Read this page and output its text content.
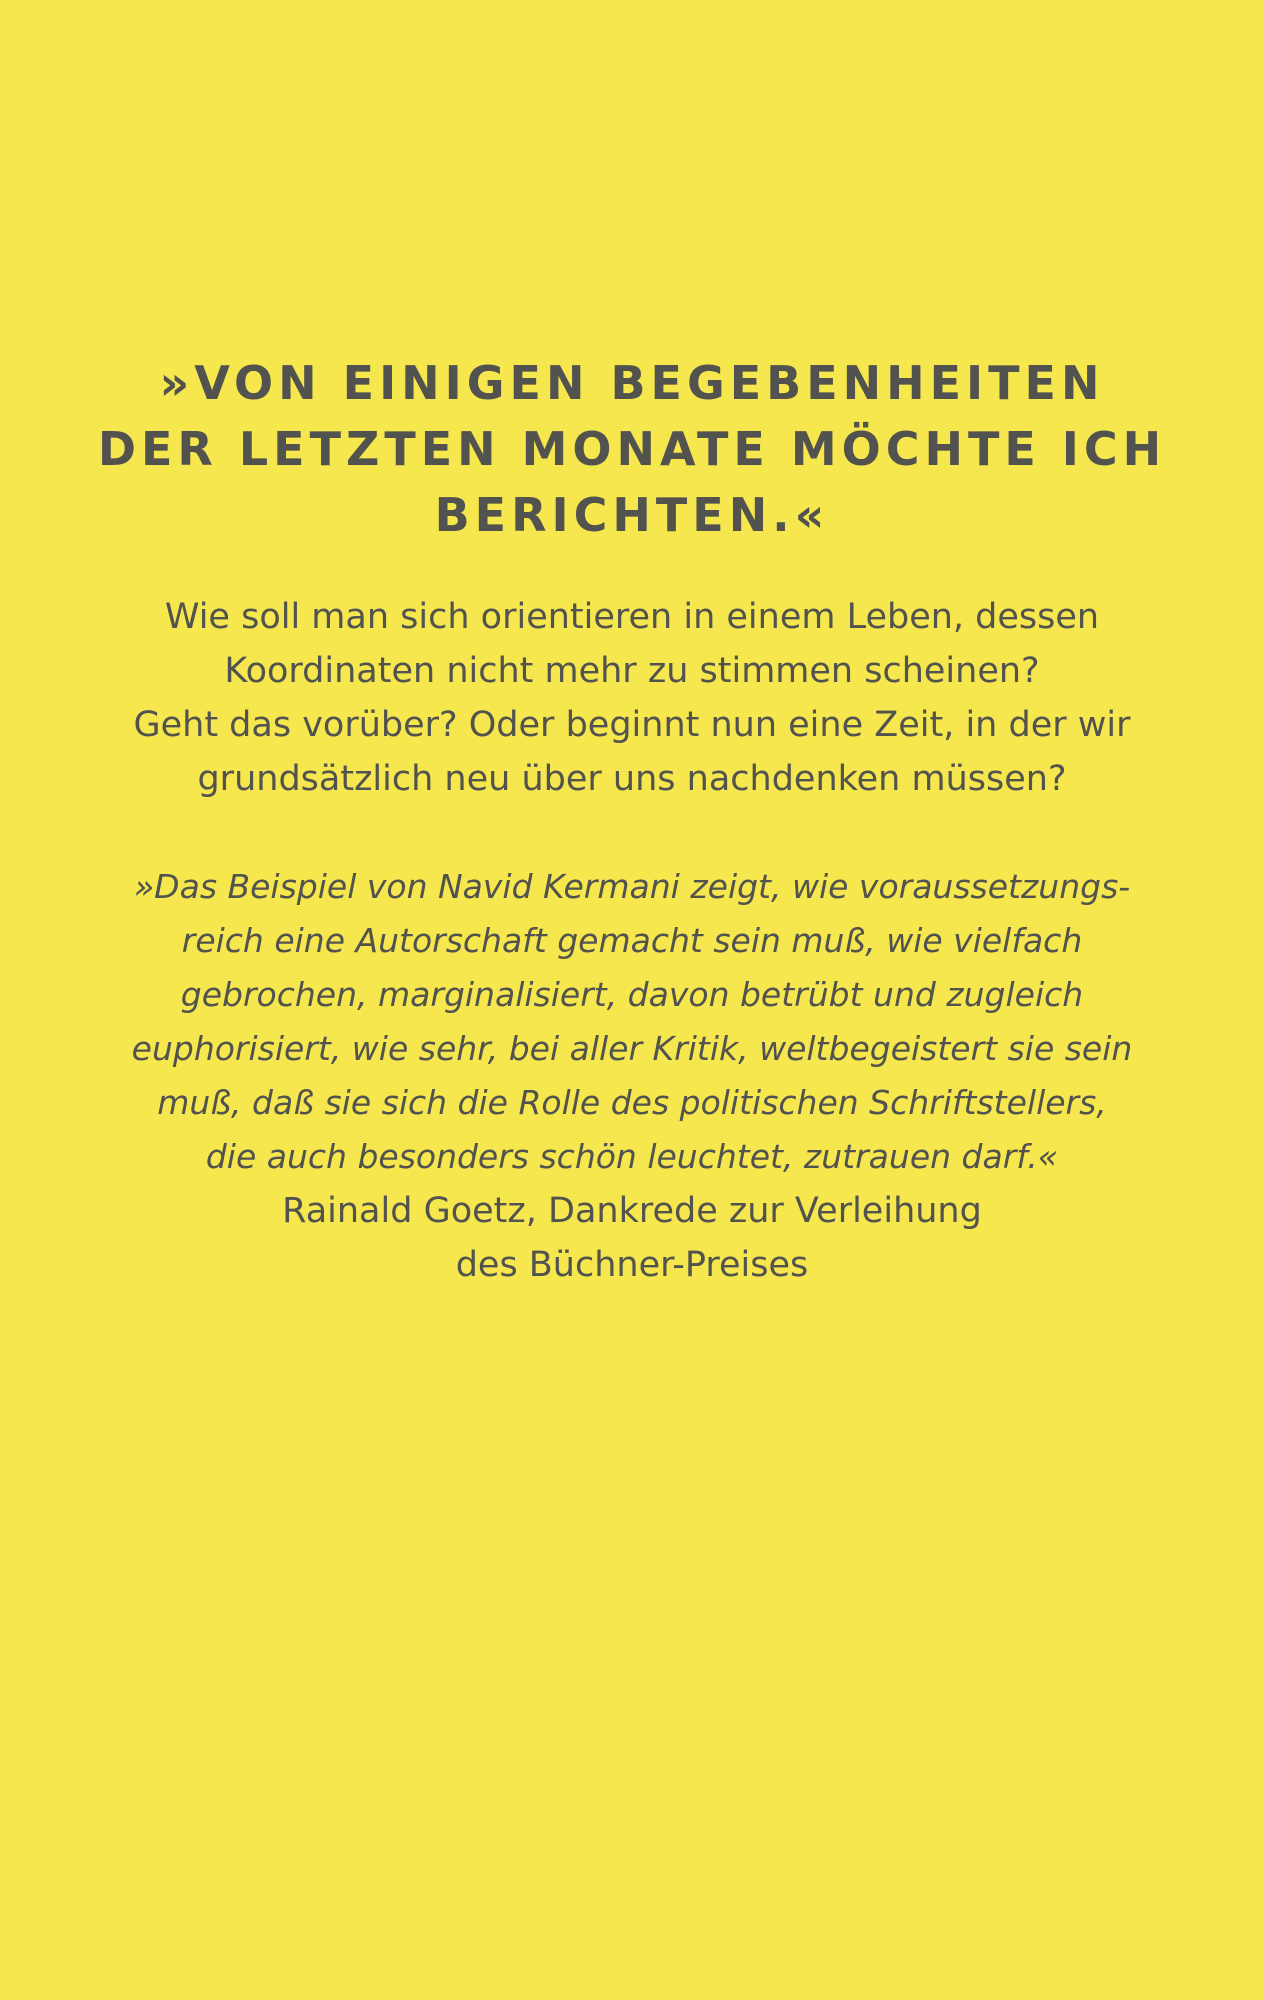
»VON EINIGEN BEGEBENHEITEN
DER LETZTEN MONATE MÖCHTE ICH
BERICHTEN.«

Wie soll man sich orientieren in einem Leben, dessen
Koordinaten nicht mehr zu stimmen scheinen?
Geht das vorüber? Oder beginnt nun eine Zeit, in der wir
grundsätzlich neu über uns nachdenken müssen?

»Das Beispiel von Navid Kermani zeigt, wie voraussetzungs-
reich eine Autorschaft gemacht sein muß, wie vielfach
gebrochen, marginalisiert, davon betrübt und zugleich
euphorisiert, wie sehr, bei aller Kritik, weltbegeistert sie sein
muß, daß sie sich die Rolle des politischen Schriftstellers,
die auch besonders schön leuchtet, zutrauen darf.«

Rainald Goetz, Dankrede zur Verleihung
des Büchner-Preises
